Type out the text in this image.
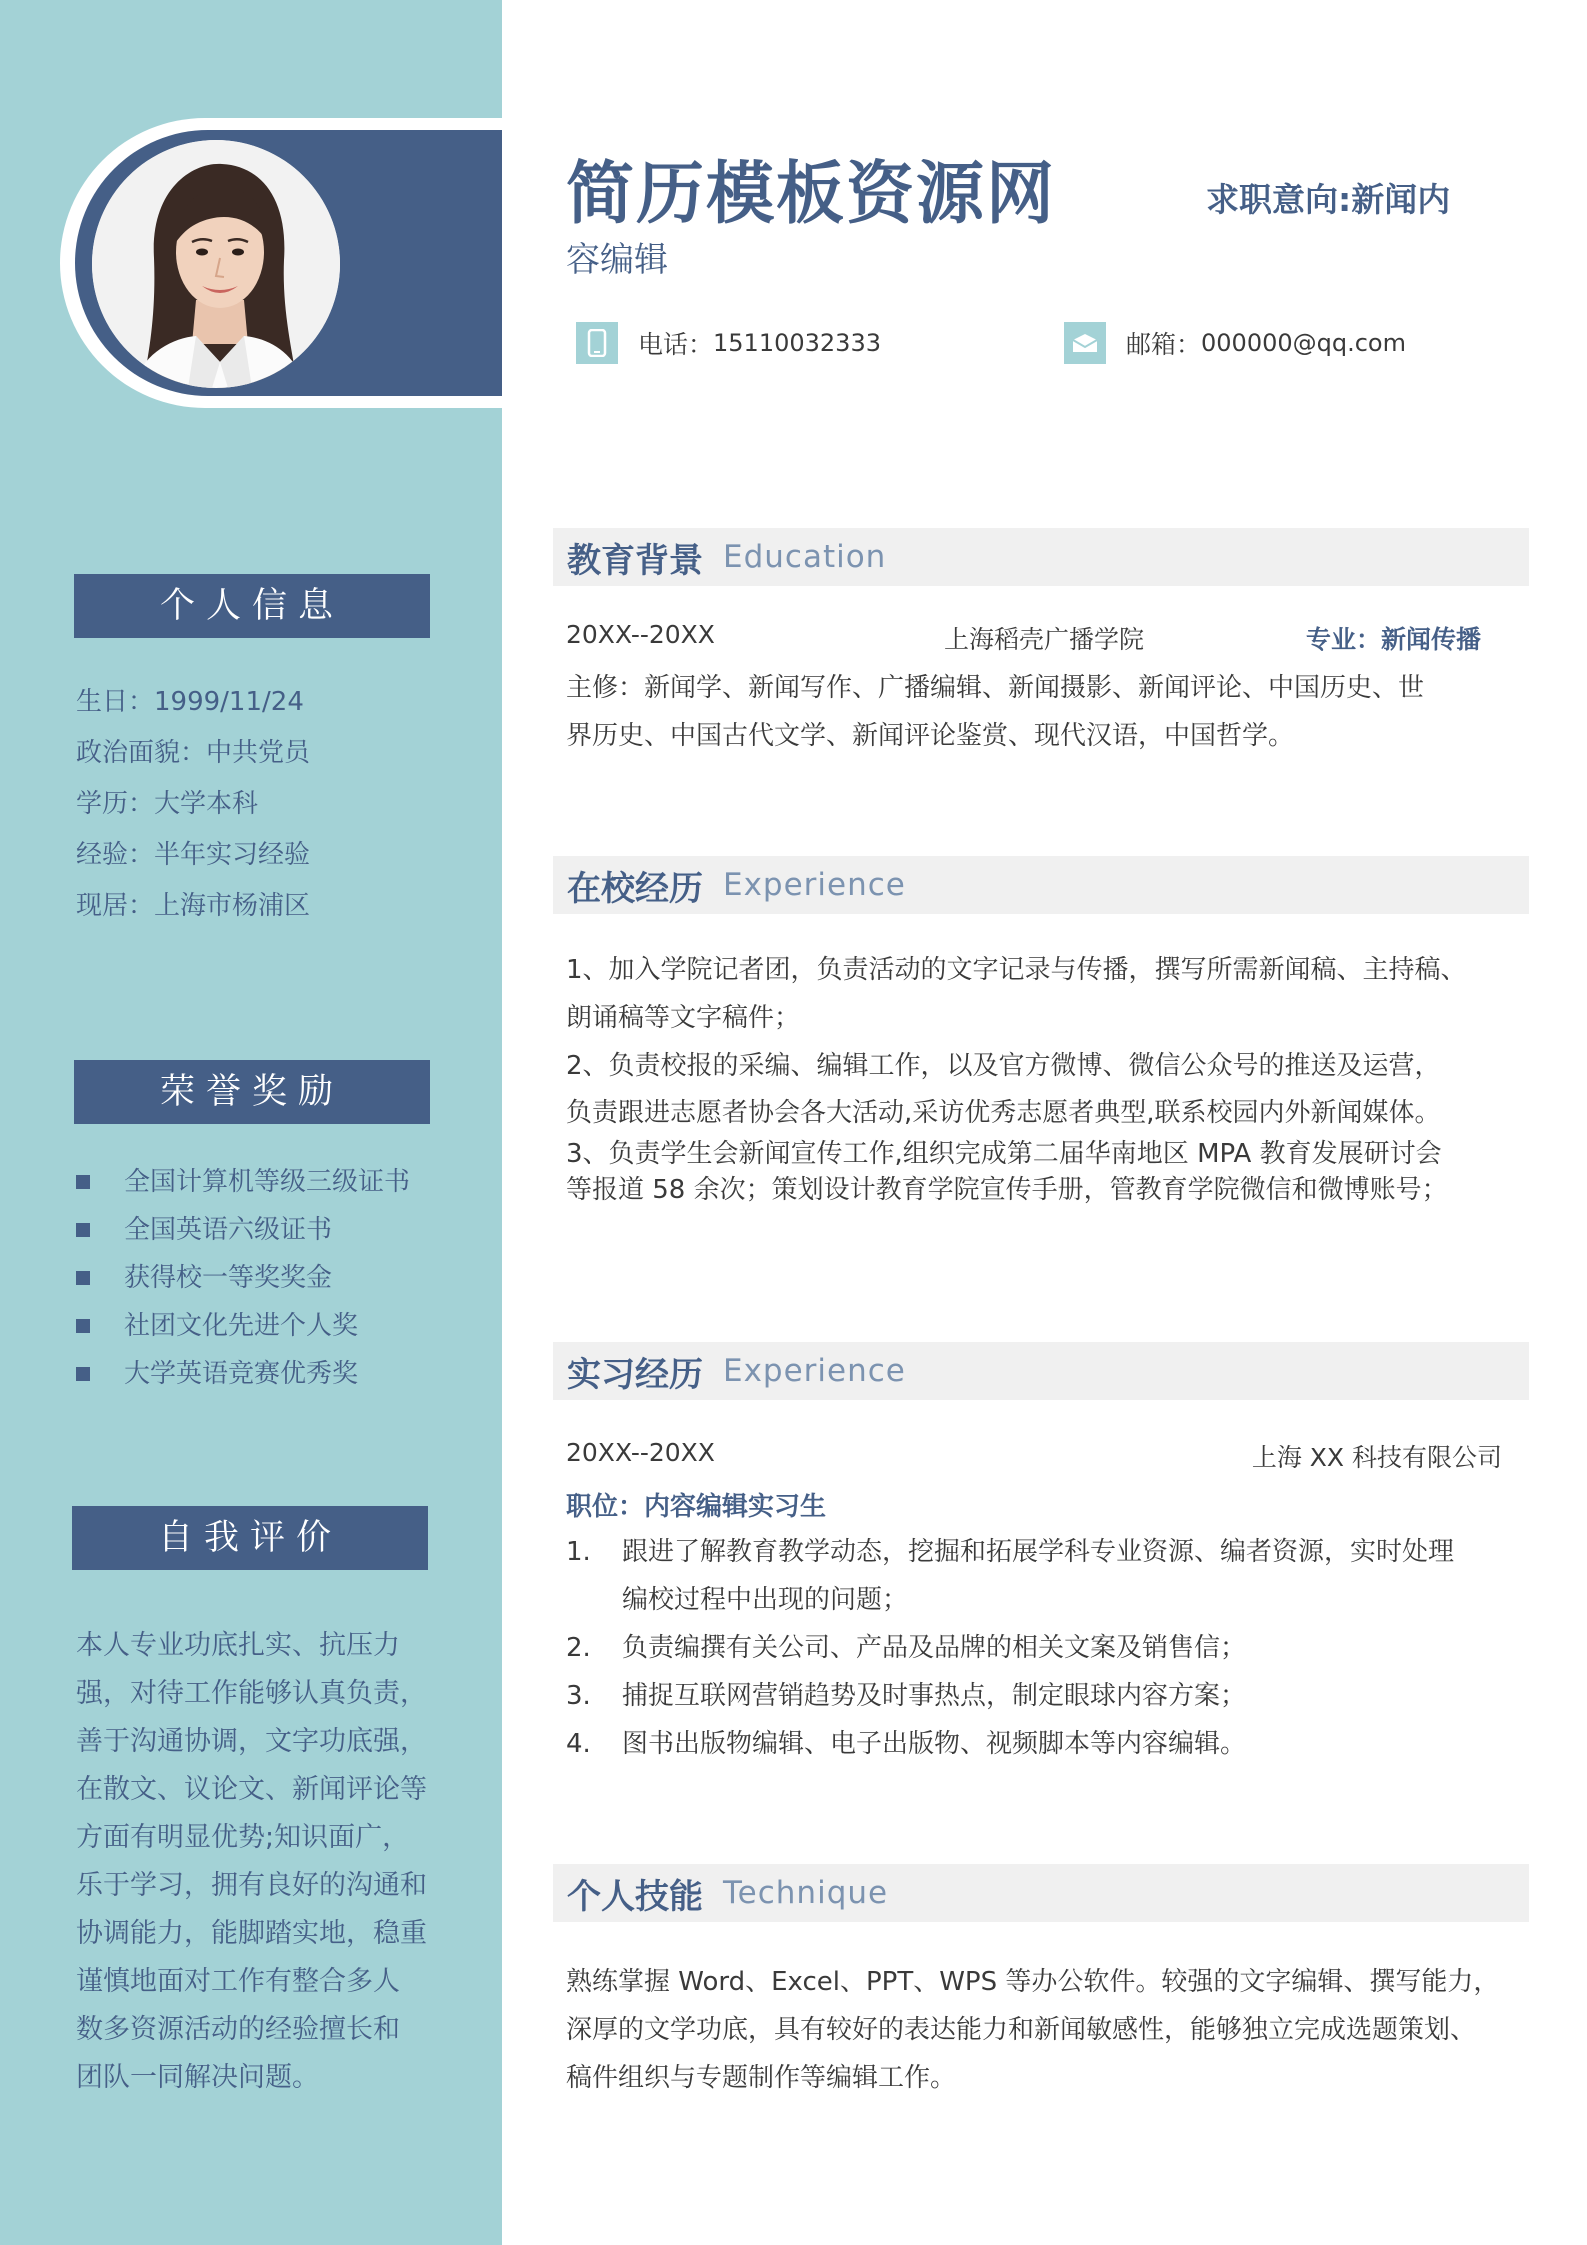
个人信息
生日：1999/11/24
政治面貌：中共党员
学历：大学本科
经验：半年实习经验
现居：上海市杨浦区
荣誉奖励
全国计算机等级三级证书
全国英语六级证书
获得校一等奖奖金
社团文化先进个人奖
大学英语竞赛优秀奖
自我评价
本人专业功底扎实、抗压力
强，对待工作能够认真负责，
善于沟通协调，文字功底强，
在散文、议论文、新闻评论等
方面有明显优势;知识面广，
乐于学习，拥有良好的沟通和
协调能力，能脚踏实地，稳重
谨慎地面对工作有整合多人
数多资源活动的经验擅长和
团队一同解决问题。
简历模板资源网	求职意向:新闻内
容编辑
电话： 15110032333	邮箱： 000000@qq.com
教育背景 Education
20XX--20XX	上海稻壳广播学院	专业：新闻传播
主修：新闻学、新闻写作、广播编辑、新闻摄影、新闻评论、中国历史、世
界历史、中国古代文学、新闻评论鉴赏、现代汉语，中国哲学。
在校经历 Experience
1、加入学院记者团，负责活动的文字记录与传播，撰写所需新闻稿、主持稿、
朗诵稿等文字稿件；
2、负责校报的采编、编辑工作，以及官方微博、微信公众号的推送及运营，
负责跟进志愿者协会各大活动,采访优秀志愿者典型,联系校园内外新闻媒体。
3、负责学生会新闻宣传工作,组织完成第二届华南地区 MPA 教育发展研讨会
等报道 58 余次；策划设计教育学院宣传手册，管教育学院微信和微博账号；
实习经历 Experience
20XX--20XX	上海 XX 科技有限公司
职位：内容编辑实习生
1.	跟进了解教育教学动态，挖掘和拓展学科专业资源、编者资源，实时处理
编校过程中出现的问题；
2.	负责编撰有关公司、产品及品牌的相关文案及销售信；
3.	捕捉互联网营销趋势及时事热点，制定眼球内容方案；
4.	图书出版物编辑、电子出版物、视频脚本等内容编辑。
个人技能 Technique
熟练掌握 Word、Excel、PPT、WPS 等办公软件。较强的文字编辑、撰写能力，
深厚的文学功底，具有较好的表达能力和新闻敏感性，能够独立完成选题策划、
稿件组织与专题制作等编辑工作。
